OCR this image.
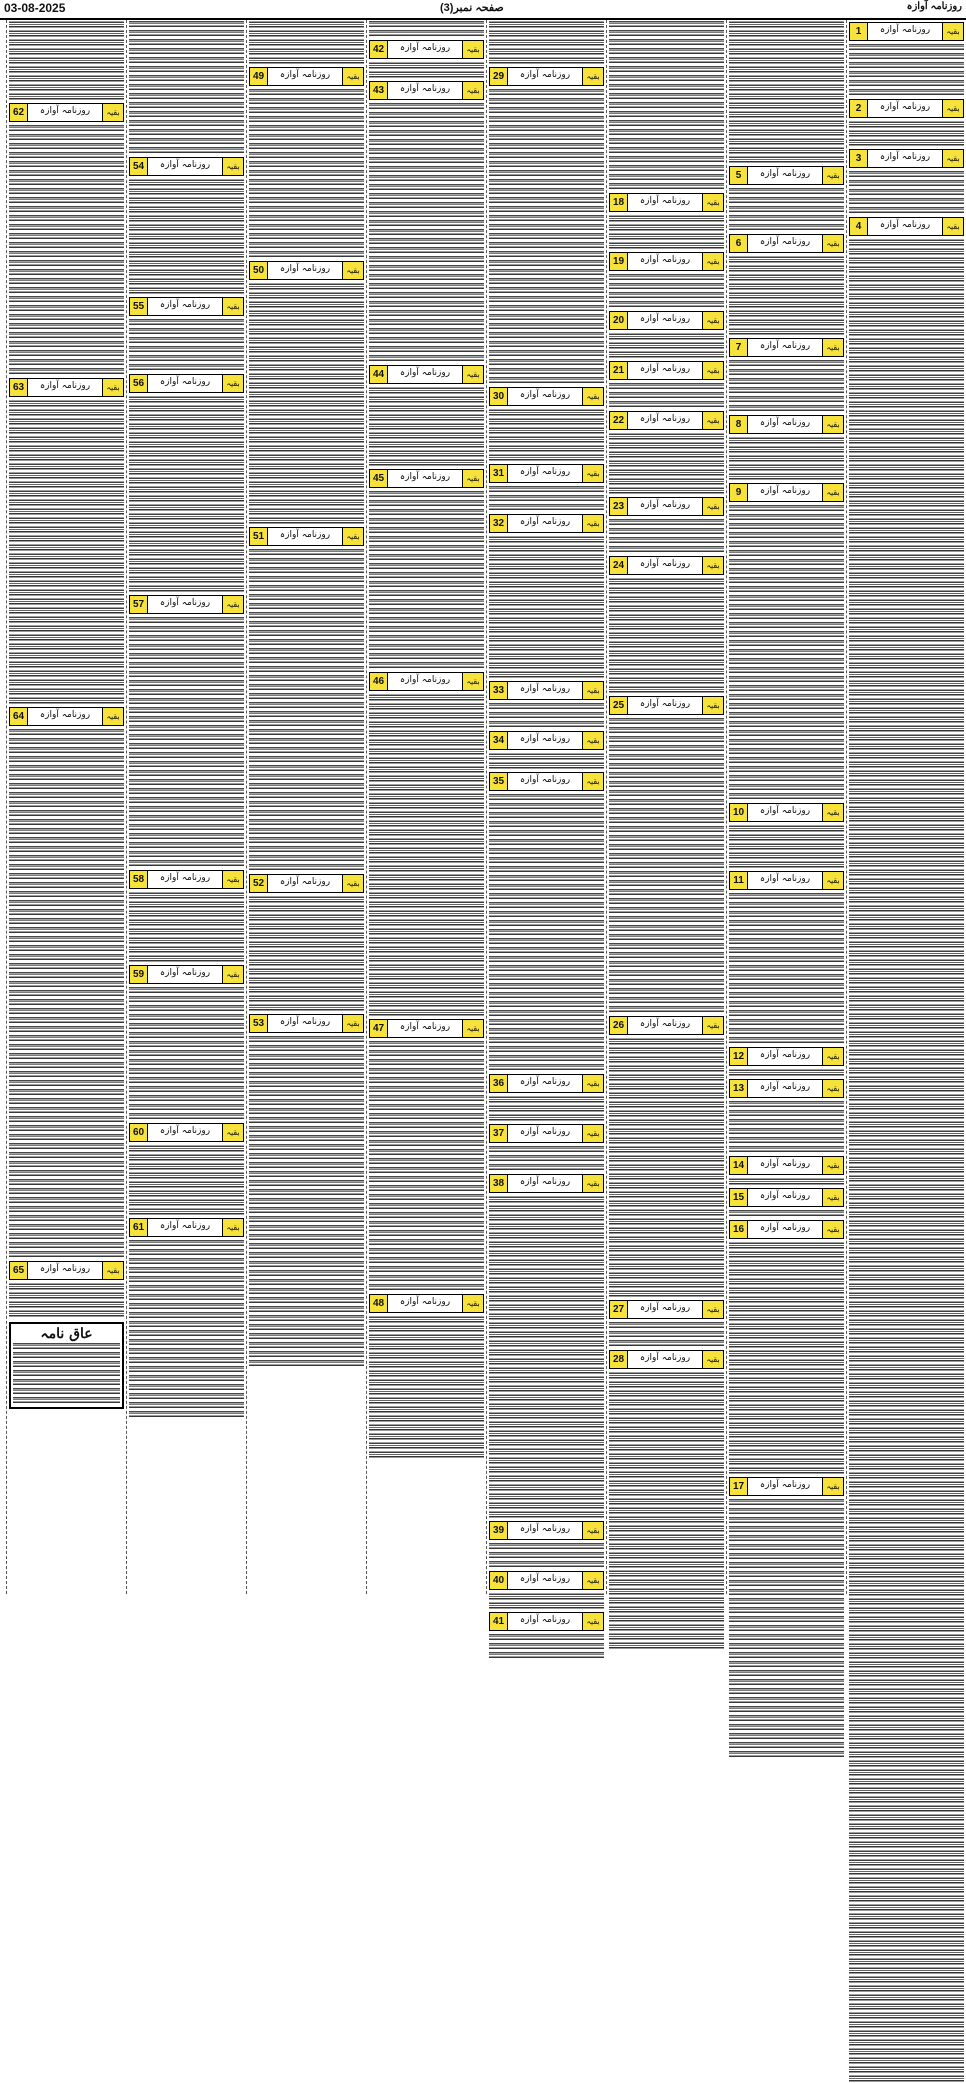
03-08-2025	صفحہ نمبر(3)	روزنامہ آوازہ
1	روزنامہ آوازہ	بقیہ
2	روزنامہ آوازہ	بقیہ
3	روزنامہ آوازہ	بقیہ
4	روزنامہ آوازہ	بقیہ
5	روزنامہ آوازہ	بقیہ
6	روزنامہ آوازہ	بقیہ
7	روزنامہ آوازہ	بقیہ
8	روزنامہ آوازہ	بقیہ
9	روزنامہ آوازہ	بقیہ
10	روزنامہ آوازہ	بقیہ
11	روزنامہ آوازہ	بقیہ
12	روزنامہ آوازہ	بقیہ
13	روزنامہ آوازہ	بقیہ
14	روزنامہ آوازہ	بقیہ
15	روزنامہ آوازہ	بقیہ
16	روزنامہ آوازہ	بقیہ
17	روزنامہ آوازہ	بقیہ
18	روزنامہ آوازہ	بقیہ
19	روزنامہ آوازہ	بقیہ
20	روزنامہ آوازہ	بقیہ
21	روزنامہ آوازہ	بقیہ
22	روزنامہ آوازہ	بقیہ
23	روزنامہ آوازہ	بقیہ
24	روزنامہ آوازہ	بقیہ
25	روزنامہ آوازہ	بقیہ
26	روزنامہ آوازہ	بقیہ
27	روزنامہ آوازہ	بقیہ
28	روزنامہ آوازہ	بقیہ
29	روزنامہ آوازہ	بقیہ
30	روزنامہ آوازہ	بقیہ
31	روزنامہ آوازہ	بقیہ
32	روزنامہ آوازہ	بقیہ
33	روزنامہ آوازہ	بقیہ
34	روزنامہ آوازہ	بقیہ
35	روزنامہ آوازہ	بقیہ
36	روزنامہ آوازہ	بقیہ
37	روزنامہ آوازہ	بقیہ
38	روزنامہ آوازہ	بقیہ
39	روزنامہ آوازہ	بقیہ
40	روزنامہ آوازہ	بقیہ
41	روزنامہ آوازہ	بقیہ
42	روزنامہ آوازہ	بقیہ
43	روزنامہ آوازہ	بقیہ
44	روزنامہ آوازہ	بقیہ
45	روزنامہ آوازہ	بقیہ
46	روزنامہ آوازہ	بقیہ
47	روزنامہ آوازہ	بقیہ
48	روزنامہ آوازہ	بقیہ
49	روزنامہ آوازہ	بقیہ
50	روزنامہ آوازہ	بقیہ
51	روزنامہ آوازہ	بقیہ
52	روزنامہ آوازہ	بقیہ
53	روزنامہ آوازہ	بقیہ
54	روزنامہ آوازہ	بقیہ
55	روزنامہ آوازہ	بقیہ
56	روزنامہ آوازہ	بقیہ
57	روزنامہ آوازہ	بقیہ
58	روزنامہ آوازہ	بقیہ
59	روزنامہ آوازہ	بقیہ
60	روزنامہ آوازہ	بقیہ
61	روزنامہ آوازہ	بقیہ
62	روزنامہ آوازہ	بقیہ
63	روزنامہ آوازہ	بقیہ
64	روزنامہ آوازہ	بقیہ
65	روزنامہ آوازہ	بقیہ
عاق نامہ
